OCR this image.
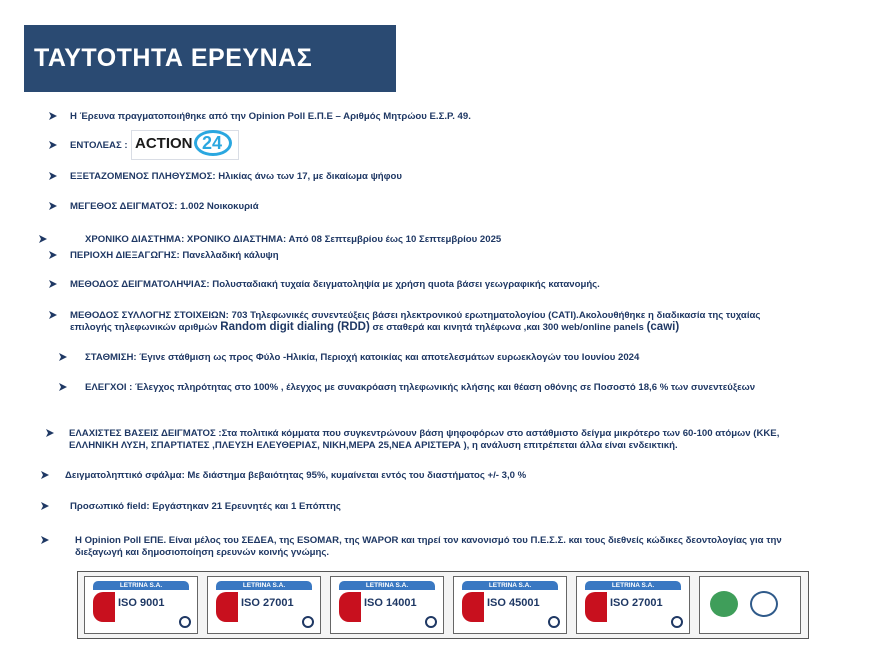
ΤΑΥΤΟΤΗΤΑ ΕΡΕΥΝΑΣ
Η Έρευνα πραγματοποιήθηκε από την Opinion Poll Ε.Π.Ε – Αριθμός Μητρώου Ε.Σ.Ρ. 49.
ΕΝΤΟΛΕΑΣ : ACTION 24
ΕΞΕΤΑΖΟΜΕΝΟΣ ΠΛΗΘΥΣΜΟΣ: Ηλικίας άνω των 17, με δικαίωμα ψήφου
ΜΕΓΕΘΟΣ ΔΕΙΓΜΑΤΟΣ: 1.002 Νοικοκυριά
ΧΡΟΝΙΚΟ ΔΙΑΣΤΗΜΑ: ΧΡΟΝΙΚΟ ΔΙΑΣΤΗΜΑ: Από 08 Σεπτεμβρίου έως 10 Σεπτεμβρίου 2025
ΠΕΡΙΟΧΗ ΔΙΕΞΑΓΩΓΗΣ: Πανελλαδική κάλυψη
ΜΕΘΟΔΟΣ ΔΕΙΓΜΑΤΟΛΗΨΙΑΣ: Πολυσταδιακή τυχαία δειγματοληψία με χρήση quota βάσει γεωγραφικής κατανομής.
ΜΕΘΟΔΟΣ ΣΥΛΛΟΓΗΣ ΣΤΟΙΧΕΙΩΝ: 703 Τηλεφωνικές συνεντεύξεις βάσει ηλεκτρονικού ερωτηματολογίου (CATI).Ακολουθήθηκε η διαδικασία της τυχαίας
επιλογής τηλεφωνικών αριθμών Random digit dialing (RDD) σε σταθερά και κινητά τηλέφωνα ,και 300 web/online panels (cawi)
ΣΤΑΘΜΙΣΗ: Έγινε στάθμιση ως προς Φύλο -Ηλικία, Περιοχή κατοικίας και αποτελεσμάτων ευρωεκλογών του Ιουνίου 2024
ΕΛΕΓΧΟΙ : Έλεγχος πληρότητας στο 100% , έλεγχος με συνακρόαση τηλεφωνικής κλήσης και θέαση οθόνης σε Ποσοστό 18,6 % των συνεντεύξεων
ΕΛΑΧΙΣΤΕΣ ΒΑΣΕΙΣ ΔΕΙΓΜΑΤΟΣ :Στα πολιτικά κόμματα που συγκεντρώνουν βάση ψηφοφόρων στο αστάθμιστο δείγμα μικρότερο των 60-100 ατόμων (ΚΚΕ,
ΕΛΛΗΝΙΚΗ ΛΥΣΗ, ΣΠΑΡΤΙΑΤΕΣ ,ΠΛΕΥΣΗ ΕΛΕΥΘΕΡΙΑΣ, ΝΙΚΗ,ΜΕΡΑ 25,ΝΕΑ ΑΡΙΣΤΕΡΑ ), η ανάλυση επιτρέπεται άλλα είναι ενδεικτική.
Δειγματοληπτικό σφάλμα: Με διάστημα βεβαιότητας 95%, κυμαίνεται εντός του διαστήματος +/- 3,0 %
Προσωπικό field: Εργάστηκαν 21 Ερευνητές και 1 Επόπτης
Η Opinion Poll ΕΠΕ. Είναι μέλος του ΣΕΔΕΑ, της ESOMAR, της WAPOR και τηρεί τον κανονισμό του Π.Ε.Σ.Σ. και τους διεθνείς κώδικες δεοντολογίας για την
διεξαγωγή και δημοσιοποίηση ερευνών κοινής γνώμης.
LETRINA S.A.
ISO 9001
LETRINA S.A.
ISO 27001
LETRINA S.A.
ISO 14001
LETRINA S.A.
ISO 45001
LETRINA S.A.
ISO 27001
